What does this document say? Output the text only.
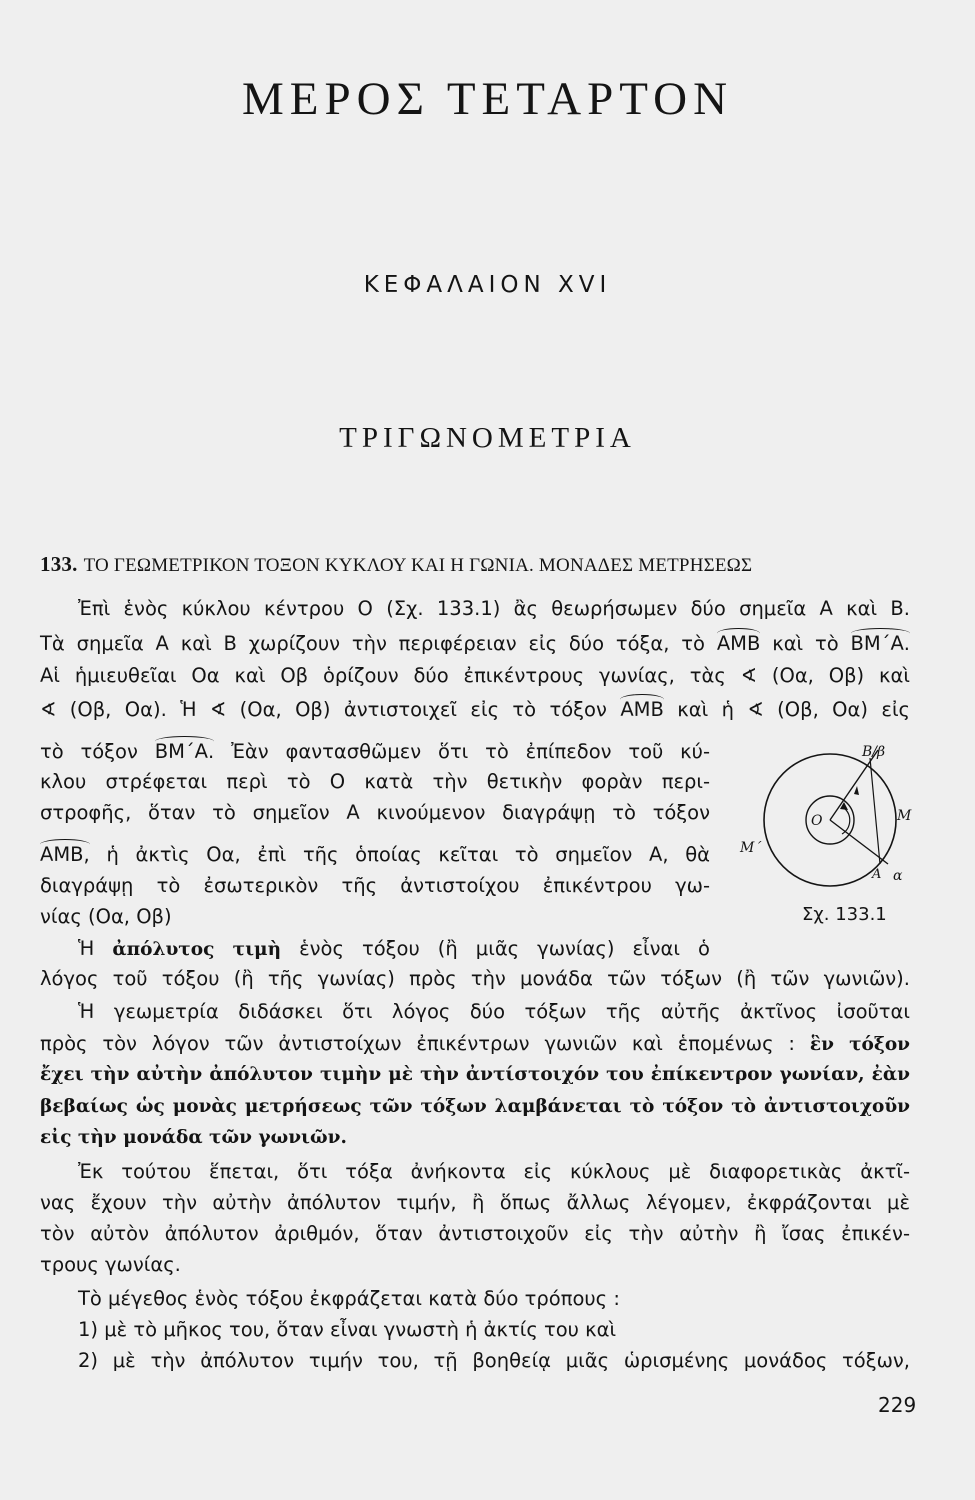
ΜΕΡΟΣ ΤΕΤΑΡΤΟΝ
ΚΕΦΑΛΑΙΟΝ XVI
ΤΡΙΓΩΝΟΜΕΤΡΙΑ
133. ΤΟ ΓΕΩΜΕΤΡΙΚΟΝ ΤΟΞΟΝ ΚΥΚΛΟΥ ΚΑΙ Η ΓΩΝΙΑ. ΜΟΝΑΔΕΣ ΜΕΤΡΗΣΕΩΣ
Ἐπὶ ἑνὸς κύκλου κέντρου Ο (Σχ. 133.1) ἂς θεωρήσωμεν δύο σημεῖα Α καὶ Β.
Τὰ σημεῖα Α καὶ Β χωρίζουν τὴν περιφέρειαν εἰς δύο τόξα, τὸ ΑΜΒ καὶ τὸ ΒΜ΄Α.
Αἱ ἡμιευθεῖαι Οα καὶ Οβ ὁρίζουν δύο ἐπικέντρους γωνίας, τὰς ∢ (Οα, Οβ) καὶ
∢ (Οβ, Οα). Ἡ ∢ (Οα, Οβ) ἀντιστοιχεῖ εἰς τὸ τόξον ΑΜΒ καὶ ἡ ∢ (Οβ, Οα) εἰς
τὸ τόξον ΒΜ΄Α. Ἐὰν φαντασθῶμεν ὅτι τὸ ἐπίπεδον τοῦ κύ-
κλου στρέφεται περὶ τὸ Ο κατὰ τὴν θετικὴν φορὰν περι-
στροφῆς, ὅταν τὸ σημεῖον Α κινούμενον διαγράψῃ τὸ τόξον
ΑΜΒ, ἡ ἀκτὶς Οα, ἐπὶ τῆς ὁποίας κεῖται τὸ σημεῖον Α, θὰ
διαγράψῃ τὸ ἐσωτερικὸν τῆς ἀντιστοίχου ἐπικέντρου γω-
νίας (Οα, Οβ)
Ἡ ἀπόλυτος τιμὴ ἑνὸς τόξου (ἢ μιᾶς γωνίας) εἶναι ὁ
λόγος τοῦ τόξου (ἢ τῆς γωνίας) πρὸς τὴν μονάδα τῶν τόξων (ἢ τῶν γωνιῶν).
Ἡ γεωμετρία διδάσκει ὅτι λόγος δύο τόξων τῆς αὐτῆς ἀκτῖνος ἰσοῦται
πρὸς τὸν λόγον τῶν ἀντιστοίχων ἐπικέντρων γωνιῶν καὶ ἑπομένως : ἓν τόξον
ἔχει τὴν αὐτὴν ἀπόλυτον τιμὴν μὲ τὴν ἀντίστοιχόν του ἐπίκεντρον γωνίαν, ἐὰν
βεβαίως ὡς μονὰς μετρήσεως τῶν τόξων λαμβάνεται τὸ τόξον τὸ ἀντιστοιχοῦν
εἰς τὴν μονάδα τῶν γωνιῶν.
Ἐκ τούτου ἕπεται, ὅτι τόξα ἀνήκοντα εἰς κύκλους μὲ διαφορετικὰς ἀκτῖ-
νας ἔχουν τὴν αὐτὴν ἀπόλυτον τιμήν, ἢ ὅπως ἄλλως λέγομεν, ἐκφράζονται μὲ
τὸν αὐτὸν ἀπόλυτον ἀριθμόν, ὅταν ἀντιστοιχοῦν εἰς τὴν αὐτὴν ἢ ἴσας ἐπικέν-
τρους γωνίας.
Τὸ μέγεθος ἑνὸς τόξου ἐκφράζεται κατὰ δύο τρόπους :
1) μὲ τὸ μῆκος του, ὅταν εἶναι γνωστὴ ἡ ἀκτίς του καὶ
2) μὲ τὴν ἀπόλυτον τιμήν του, τῇ βοηθείᾳ μιᾶς ὡρισμένης μονάδος τόξων,
Β/β
Μ
Μ΄
Ο
Α α
Σχ. 133.1
229
